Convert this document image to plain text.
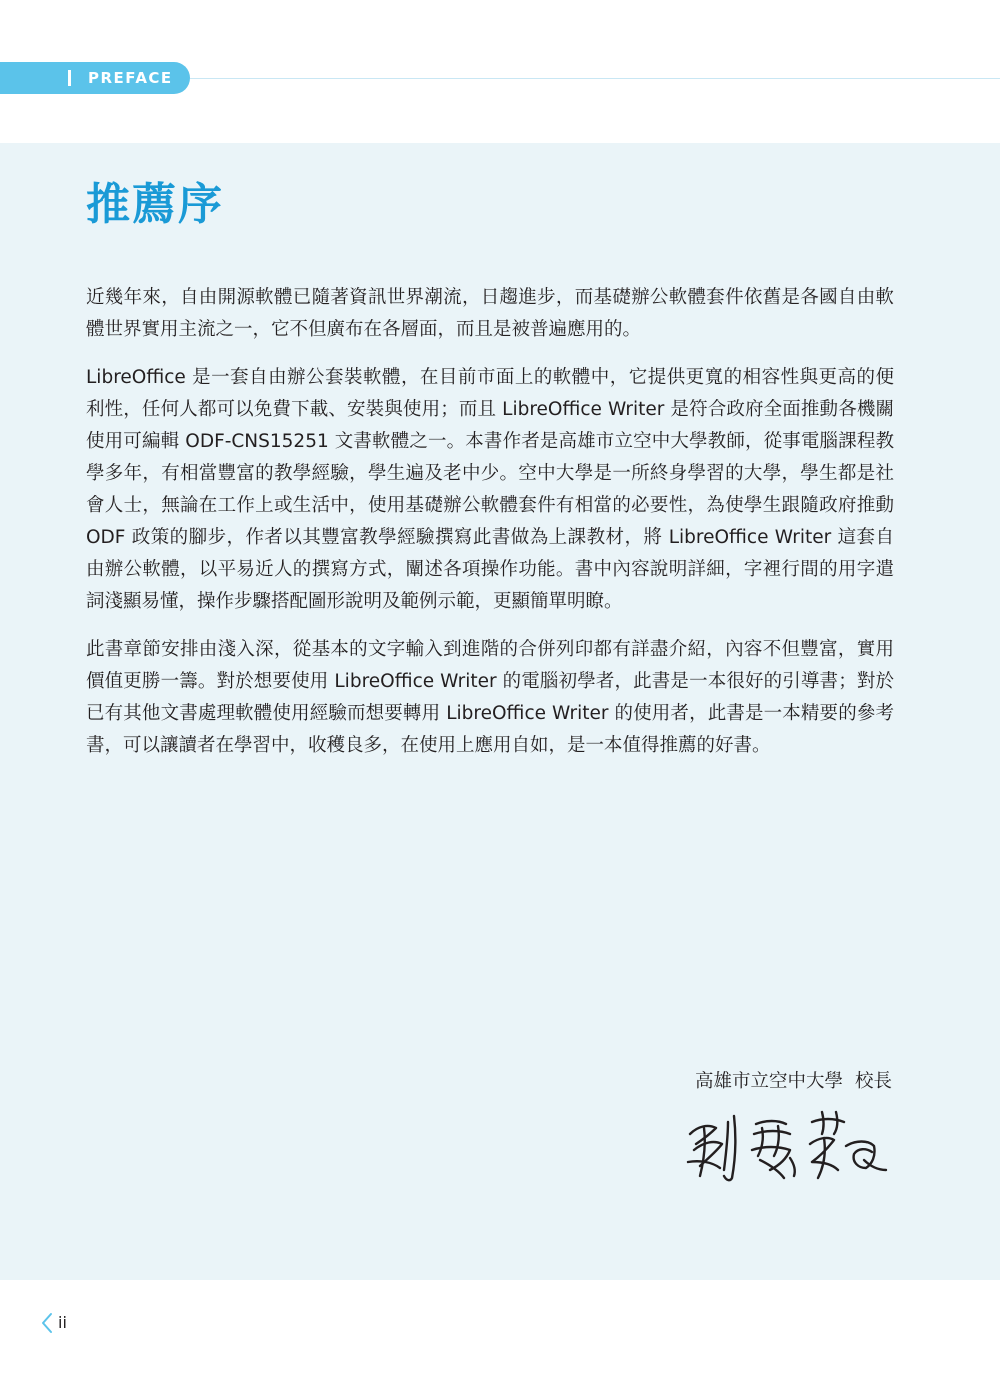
PREFACE
推薦序

近幾年來，自由開源軟體已隨著資訊世界潮流，日趨進步，而基礎辦公軟體套件依舊是各國自由軟體世界實用主流之一，它不但廣布在各層面，而且是被普遍應用的。

LibreOffice 是一套自由辦公套裝軟體，在目前市面上的軟體中，它提供更寬的相容性與更高的便利性，任何人都可以免費下載、安裝與使用；而且 LibreOffice Writer 是符合政府全面推動各機關使用可編輯 ODF-CNS15251 文書軟體之一。本書作者是高雄市立空中大學教師，從事電腦課程教學多年，有相當豐富的教學經驗，學生遍及老中少。空中大學是一所終身學習的大學，學生都是社會人士，無論在工作上或生活中，使用基礎辦公軟體套件有相當的必要性，為使學生跟隨政府推動 ODF 政策的腳步，作者以其豐富教學經驗撰寫此書做為上課教材，將 LibreOffice Writer 這套自由辦公軟體，以平易近人的撰寫方式，闡述各項操作功能。書中內容說明詳細，字裡行間的用字遣詞淺顯易懂，操作步驟搭配圖形說明及範例示範，更顯簡單明瞭。

此書章節安排由淺入深，從基本的文字輸入到進階的合併列印都有詳盡介紹，內容不但豐富，實用價值更勝一籌。對於想要使用 LibreOffice Writer 的電腦初學者，此書是一本很好的引導書；對於已有其他文書處理軟體使用經驗而想要轉用 LibreOffice Writer 的使用者，此書是一本精要的參考書，可以讓讀者在學習中，收穫良多，在使用上應用自如，是一本值得推薦的好書。

高雄市立空中大學 校長
ii
